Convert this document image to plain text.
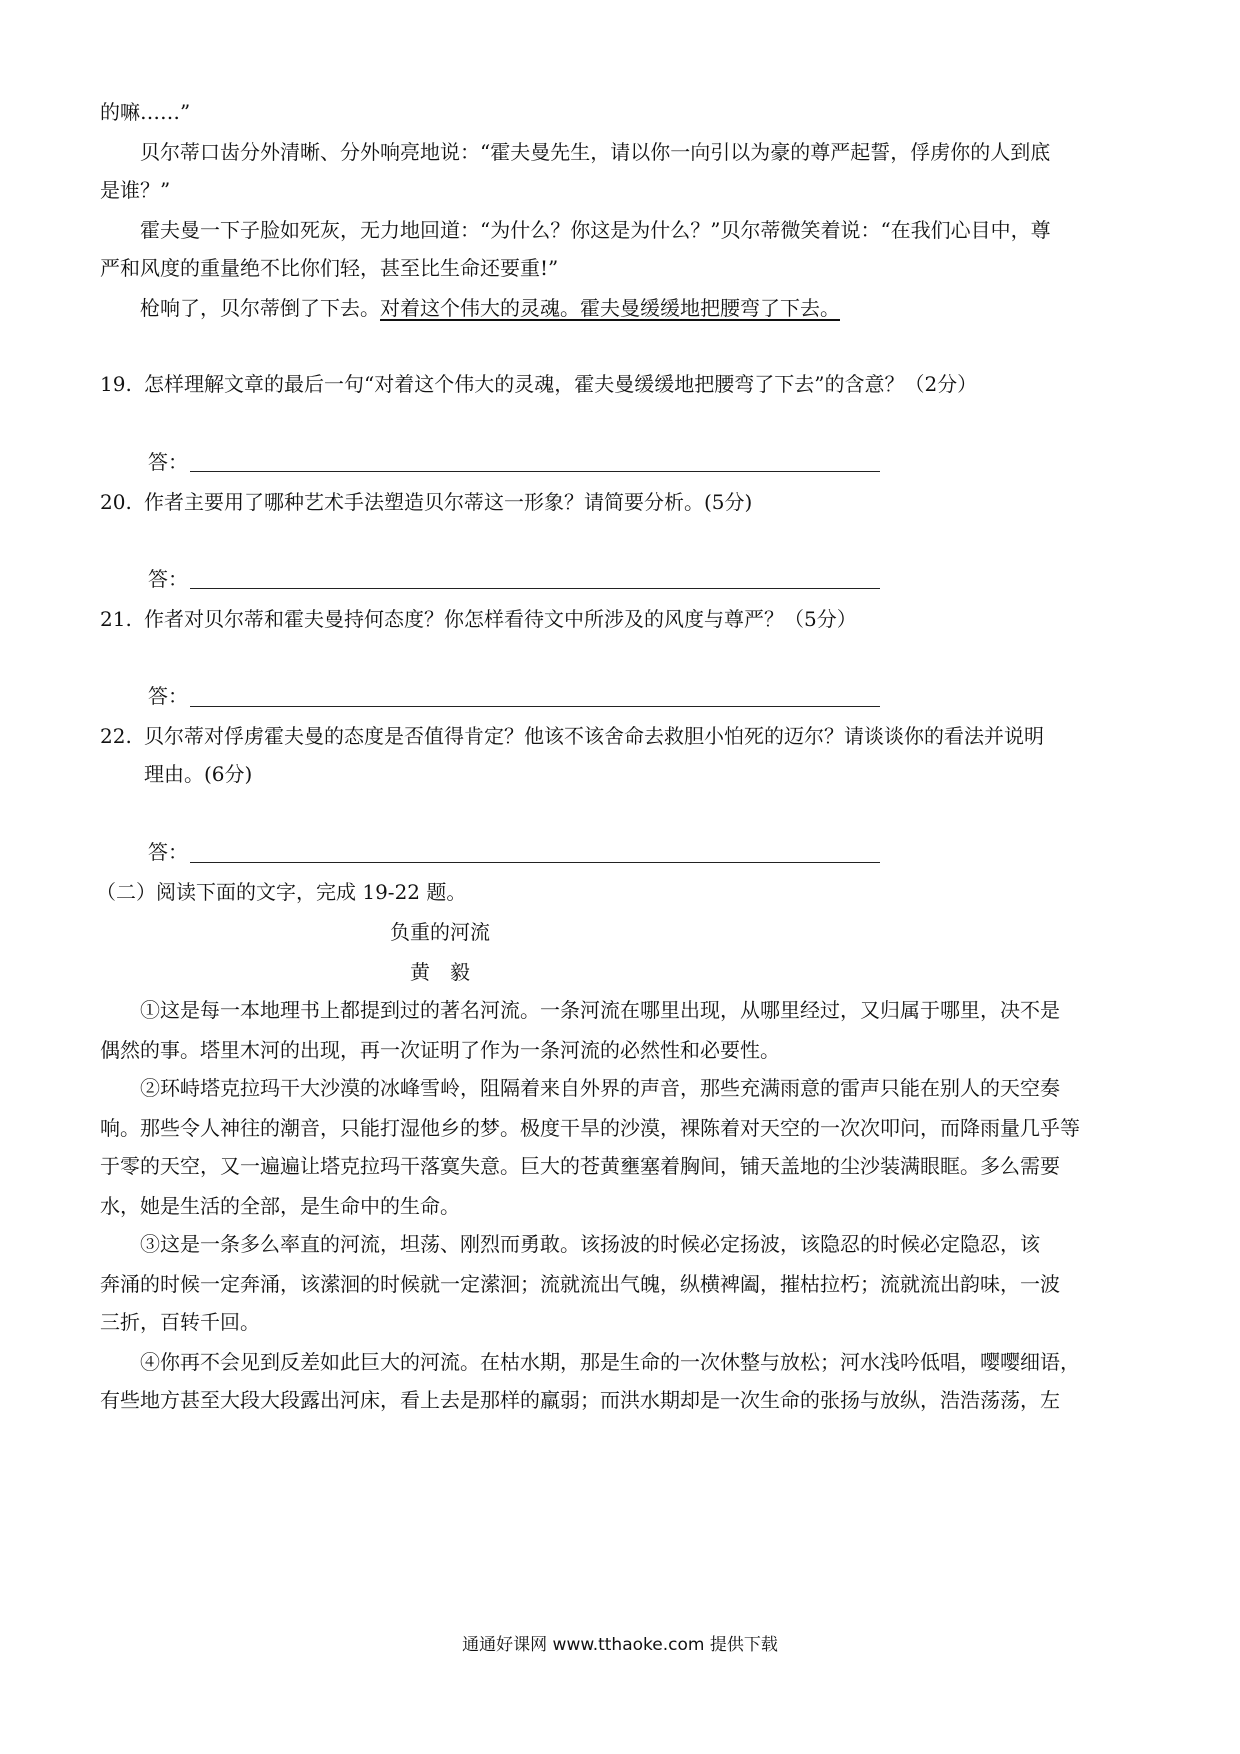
的嘛……”
贝尔蒂口齿分外清晰、分外响亮地说：“霍夫曼先生，请以你一向引以为豪的尊严起誓，俘虏你的人到底
是谁？”
霍夫曼一下子脸如死灰，无力地回道：“为什么？你这是为什么？”贝尔蒂微笑着说：“在我们心目中，尊
严和风度的重量绝不比你们轻，甚至比生命还要重!”
枪响了，贝尔蒂倒了下去。对着这个伟大的灵魂。霍夫曼缓缓地把腰弯了下去。
19. 怎样理解文章的最后一句“对着这个伟大的灵魂，霍夫曼缓缓地把腰弯了下去”的含意？（2分）
答：
20. 作者主要用了哪种艺术手法塑造贝尔蒂这一形象？请简要分析。(5分)
答：
21. 作者对贝尔蒂和霍夫曼持何态度？你怎样看待文中所涉及的风度与尊严？（5分）
答：
22. 贝尔蒂对俘虏霍夫曼的态度是否值得肯定？他该不该舍命去救胆小怕死的迈尔？请谈谈你的看法并说明
理由。(6分)
答：
（二）阅读下面的文字，完成 19-22 题。
负重的河流
黄　毅
①这是每一本地理书上都提到过的著名河流。一条河流在哪里出现，从哪里经过，又归属于哪里，决不是
偶然的事。塔里木河的出现，再一次证明了作为一条河流的必然性和必要性。
②环峙塔克拉玛干大沙漠的冰峰雪岭，阻隔着来自外界的声音，那些充满雨意的雷声只能在别人的天空奏
响。那些令人神往的潮音，只能打湿他乡的梦。极度干旱的沙漠，裸陈着对天空的一次次叩问，而降雨量几乎等
于零的天空，又一遍遍让塔克拉玛干落寞失意。巨大的苍黄壅塞着胸间，铺天盖地的尘沙装满眼眶。多么需要
水，她是生活的全部，是生命中的生命。
③这是一条多么率直的河流，坦荡、刚烈而勇敢。该扬波的时候必定扬波，该隐忍的时候必定隐忍，该
奔涌的时候一定奔涌，该潆洄的时候就一定潆洄；流就流出气魄，纵横裨阖，摧枯拉朽；流就流出韵味，一波
三折，百转千回。
④你再不会见到反差如此巨大的河流。在枯水期，那是生命的一次休整与放松；河水浅吟低唱，嘤嘤细语，
有些地方甚至大段大段露出河床，看上去是那样的羸弱；而洪水期却是一次生命的张扬与放纵，浩浩荡荡，左
通通好课网 www.tthaoke.com 提供下载
